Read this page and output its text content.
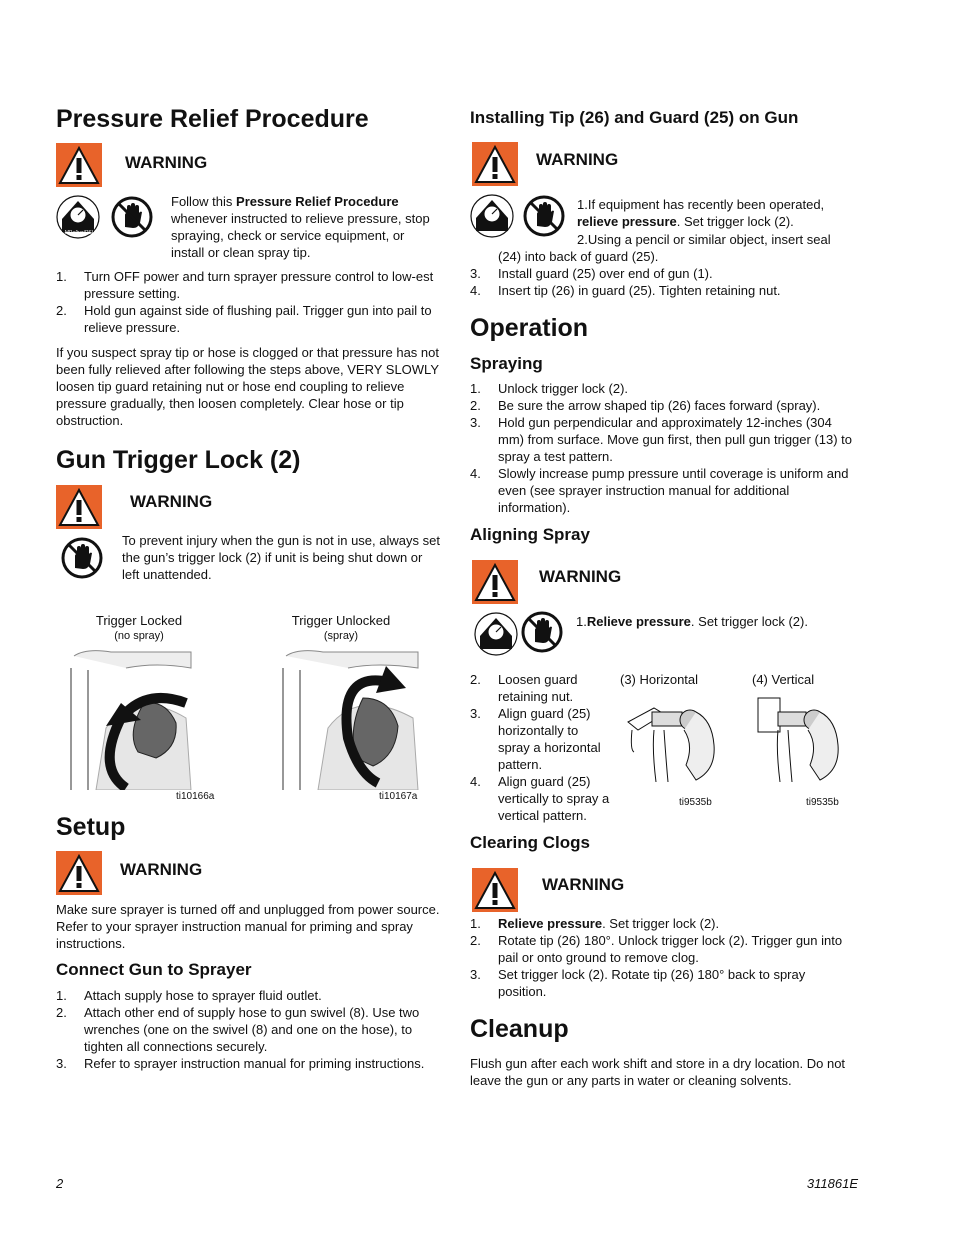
Pressure Relief Procedure
WARNING
MPa/bar/PSI
Follow this Pressure Relief Procedure whenever instructed to relieve pressure, stop spraying, check or service equipment, or install or clean spray tip.
1. Turn OFF power and turn sprayer pressure control to low-est pressure setting.
2. Hold gun against side of flushing pail. Trigger gun into pail to relieve pressure.

If you suspect spray tip or hose is clogged or that pressure has not been fully relieved after following the steps above, VERY SLOWLY loosen tip guard retaining nut or hose end coupling to relieve pressure gradually, then loosen completely. Clear hose or tip obstruction.

Gun Trigger Lock (2)
WARNING
To prevent injury when the gun is not in use, always set the gun’s trigger lock (2) if unit is being shut down or left unattended.
Trigger Locked
(no spray)
Trigger Unlocked
(spray)
ti10166a	ti10167a
Setup
WARNING

Make sure sprayer is turned off and unplugged from power source. Refer to your sprayer instruction manual for priming and spray instructions.

Connect Gun to Sprayer
1. Attach supply hose to sprayer fluid outlet.
2. Attach other end of supply hose to gun swivel (8). Use two wrenches (one on the swivel (8) and one on the hose), to tighten all connections securely.
3. Refer to sprayer instruction manual for priming instructions.
Installing Tip (26) and Guard (25) on Gun
WARNING
1.If equipment has recently been operated, relieve pressure. Set trigger lock (2).
2.Using a pencil or similar object, insert seal (24) into back of guard (25).
3. Install guard (25) over end of gun (1).
4. Insert tip (26) in guard (25). Tighten retaining nut.
Operation
Spraying
1. Unlock trigger lock (2).
2. Be sure the arrow shaped tip (26) faces forward (spray).
3. Hold gun perpendicular and approximately 12-inches (304 mm) from surface. Move gun first, then pull gun trigger (13) to spray a test pattern.
4. Slowly increase pump pressure until coverage is uniform and even (see sprayer instruction manual for additional information).
Aligning Spray
WARNING
1.Relieve pressure. Set trigger lock (2).
2. Loosen guard retaining nut.
3. Align guard (25) horizontally to spray a horizontal pattern.
4. Align guard (25) vertically to spray a vertical pattern.
(3) Horizontal	(4) Vertical
ti9535b	ti9535b
Clearing Clogs
WARNING
1. Relieve pressure. Set trigger lock (2).
2. Rotate tip (26) 180°. Unlock trigger lock (2). Trigger gun into pail or onto ground to remove clog.
3. Set trigger lock (2). Rotate tip (26) 180° back to spray position.
Cleanup

Flush gun after each work shift and store in a dry location. Do not leave the gun or any parts in water or cleaning solvents.

2	311861E
